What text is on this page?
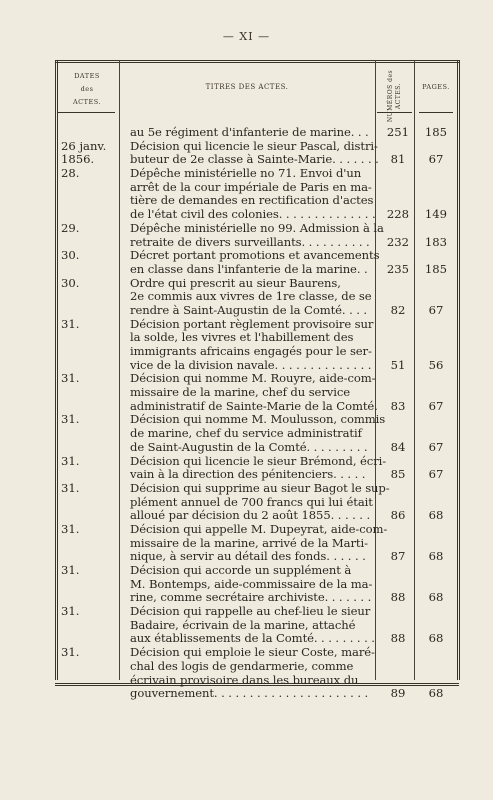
— XI —
DATES
des
ACTES.
TITRES DES ACTES.	NUMÉROS des ACTES.	PAGES.
au 5e régiment d'infanterie de marine. . .	251	185
26 janv.	Décision qui licencie le sieur Pascal, distri-
1856.	buteur de 2e classe à Sainte-Marie. . . . . . .	81	67
28.	Dépêche ministérielle no 71. Envoi d'un
arrêt de la cour impériale de Paris en ma-
tière de demandes en rectification d'actes
de l'état civil des colonies. . . . . . . . . . . . . . 228	149
29.	Dépêche ministérielle no 99. Admission à la
retraite de divers surveillants. . . . . . . . . .	232	183
30.	Décret portant promotions et avancements
en classe dans l'infanterie de la marine. .	235	185
30.	Ordre qui prescrit au sieur Baurens,
2e commis aux vivres de 1re classe, de se
rendre à Saint-Augustin de la Comté. . . .	82	67
31.	Décision portant règlement provisoire sur
la solde, les vivres et l'habillement des
immigrants africains engagés pour le ser-
vice de la division navale. . . . . . . . . . . . . .	51	56
31.	Décision qui nomme M. Rouyre, aide-com-
missaire de la marine, chef du service
administratif de Sainte-Marie de la Comté.	83	67
31.	Décision qui nomme M. Moulusson, commis
de marine, chef du service administratif
de Saint-Augustin de la Comté. . . . . . . . .	84	67
31.	Décision qui licencie le sieur Brémond, écri-
vain à la direction des pénitenciers. . . . .	85	67
31.	Décision qui supprime au sieur Bagot le sup-
plément annuel de 700 francs qui lui était
alloué par décision du 2 août 1855. . . . . .	86	68
31.	Décision qui appelle M. Dupeyrat, aide-com-
missaire de la marine, arrivé de la Marti-
nique, à servir au détail des fonds. . . . . .	87	68
31.	Décision qui accorde un supplément à
M. Bontemps, aide-commissaire de la ma-
rine, comme secrétaire archiviste. . . . . . .	88	68
31.	Décision qui rappelle au chef-lieu le sieur
Badaire, écrivain de la marine, attaché
aux établissements de la Comté. . . . . . . . .	88	68
31.	Décision qui emploie le sieur Coste, maré-
chal des logis de gendarmerie, comme
écrivain provisoire dans les bureaux du
gouvernement. . . . . . . . . . . . . . . . . . . . . .	89	68
